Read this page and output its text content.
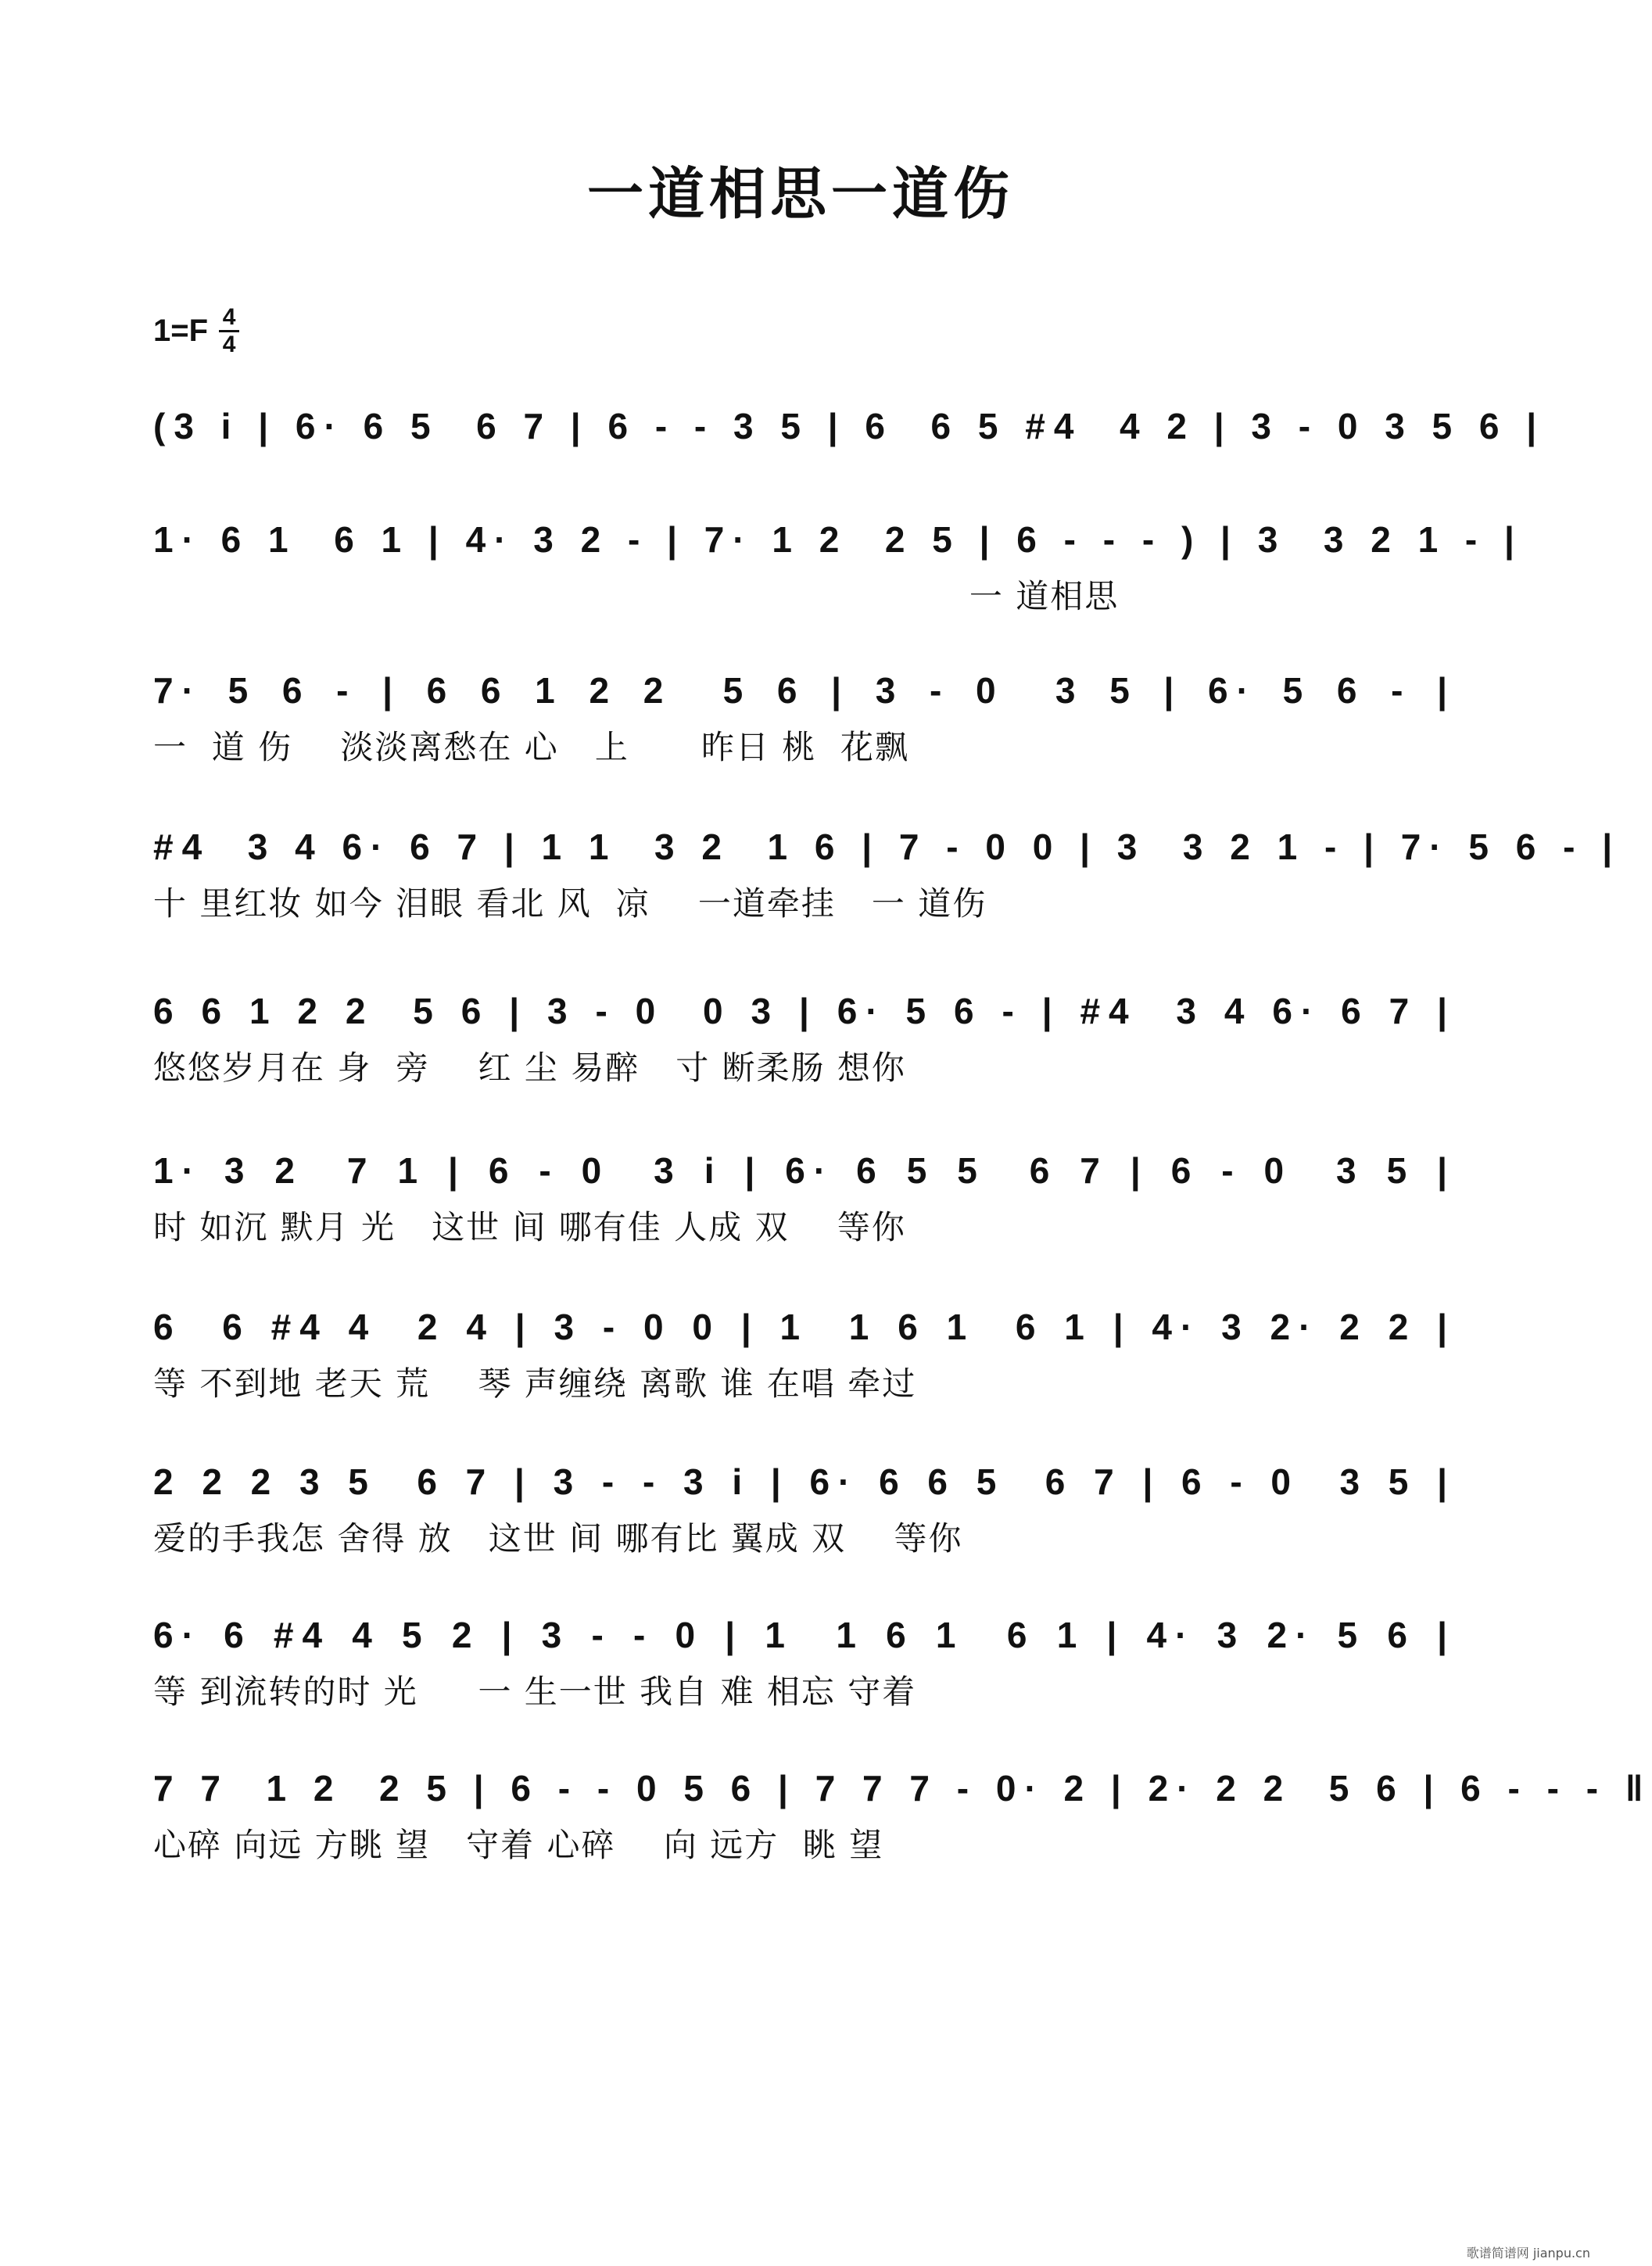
一道相思一道伤
1=F 4
4
(3 i | 6· 6 5  6 7 | 6 - - 3 5 | 6  6 5 #4  4 2 | 3 - 0 3 5 6 |
1· 6 1  6 1 | 4· 3 2 - | 7· 1 2  2 5 | 6 - - - ) | 3  3 2 1 - |
一 道相思
7· 5 6 - | 6 6 1 2 2  5 6 | 3 - 0  3 5 | 6· 5 6 - |
一  道 伤    淡淡离愁在 心   上      昨日 桃  花飘
#4  3 4 6· 6 7 | 1 1  3 2  1 6 | 7 - 0 0 | 3  3 2 1 - | 7· 5 6 - |
十 里红妆 如今 泪眼 看北 风  凉    一道牵挂   一 道伤
6 6 1 2 2  5 6 | 3 - 0  0 3 | 6· 5 6 - | #4  3 4 6· 6 7 |
悠悠岁月在 身  旁    红 尘 易醉   寸 断柔肠 想你
1· 3 2  7 1 | 6 - 0  3 i | 6· 6 5 5  6 7 | 6 - 0  3 5 |
时 如沉 默月 光   这世 间 哪有佳 人成 双    等你
6  6 #4 4  2 4 | 3 - 0 0 | 1  1 6 1  6 1 | 4· 3 2· 2 2 |
等 不到地 老天 荒    琴 声缠绕 离歌 谁 在唱 牵过
2 2 2 3 5  6 7 | 3 - - 3 i | 6· 6 6 5  6 7 | 6 - 0  3 5 |
爱的手我怎 舍得 放   这世 间 哪有比 翼成 双    等你
6· 6 #4 4 5 2 | 3 - - 0 | 1  1 6 1  6 1 | 4· 3 2· 5 6 |
等 到流转的时 光     一 生一世 我自 难 相忘 守着
7 7  1 2  2 5 | 6 - - 0 5 6 | 7 7 7 - 0· 2 | 2· 2 2  5 6 | 6 - - - ‖
心碎 向远 方眺 望   守着 心碎    向 远方  眺 望
歌谱简谱网 jianpu.cn
